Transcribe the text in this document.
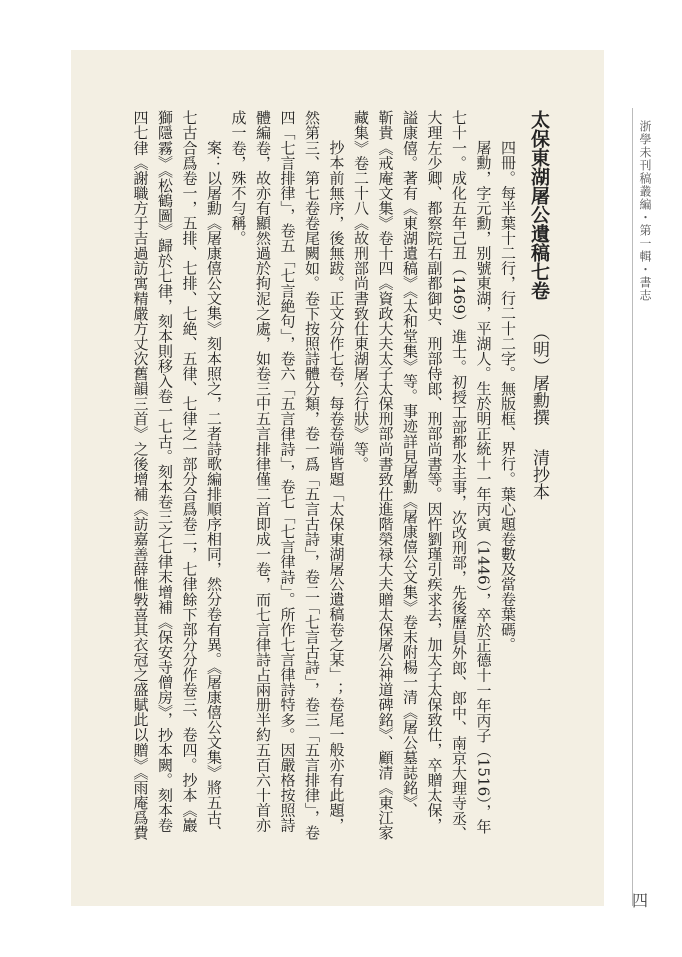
太保東湖屠公遺稿七卷 （明）屠勳撰 清抄本

四冊。每半葉十二行，行二十二字。無版框、界行。葉心題卷數及當卷葉碼。

屠勳，字元勳，别號東湖，平湖人。生於明正統十一年丙寅（1446），卒於正德十一年丙子（1516），年

七十一。成化五年己丑（1469）進士。初授工部都水主事，次改刑部，先後歷員外郎、郎中、南京大理寺丞、

大理左少卿、都察院右副都御史、刑部侍郎、刑部尚書等。因忤劉瑾引疾求去，加太子太保致仕，卒贈太保，

謚康僖。著有《東湖遺稿》《太和堂集》等。事迹詳見屠勳《屠康僖公文集》卷末附楊一清《屠公墓誌銘》、

靳貴《戒庵文集》卷十四《資政大夫太子太保刑部尚書致仕進階榮禄大夫贈太保屠公神道碑銘》、顧清《東江家

藏集》卷二十八《故刑部尚書致仕東湖屠公行狀》等。

抄本前無序，後無跋。正文分作七卷，每卷卷端皆題「太保東湖屠公遺稿卷之某」；卷尾一般亦有此題，

然第三、第七卷卷尾闕如。卷下按照詩體分類，卷一爲「五言古詩」，卷二「七言古詩」，卷三「五言排律」，卷

四「七言排律」，卷五「七言絶句」，卷六「五言律詩」，卷七「七言律詩」。所作七言律詩特多。因嚴格按照詩

體編卷，故亦有顯然過於拘泥之處，如卷三中五言排律僅二首即成一卷，而七言律詩占兩册半約五百六十首亦

成一卷，殊不勻稱。

案：以屠勳《屠康僖公文集》刻本照之，二者詩歌編排順序相同，然分卷有異。《屠康僖公文集》將五古、

七古合爲卷一，五排、七排、七絶、五律、七律之一部分合爲卷二，七律餘下部分分作卷三、卷四。抄本《巖

獅隱霧》《松鶴圖》歸於七律，刻本則移入卷一七古。刻本卷三之七律末增補《保安寺僧房》，抄本闕。刻本卷

四七律《謝職方于吉過訪寓精嚴方丈次舊韻三首》之後增補《訪嘉善薛惟斅喜其衣冠之盛賦此以贈》《雨庵爲費	浙學未刊稿叢編・第一輯・書志
四
